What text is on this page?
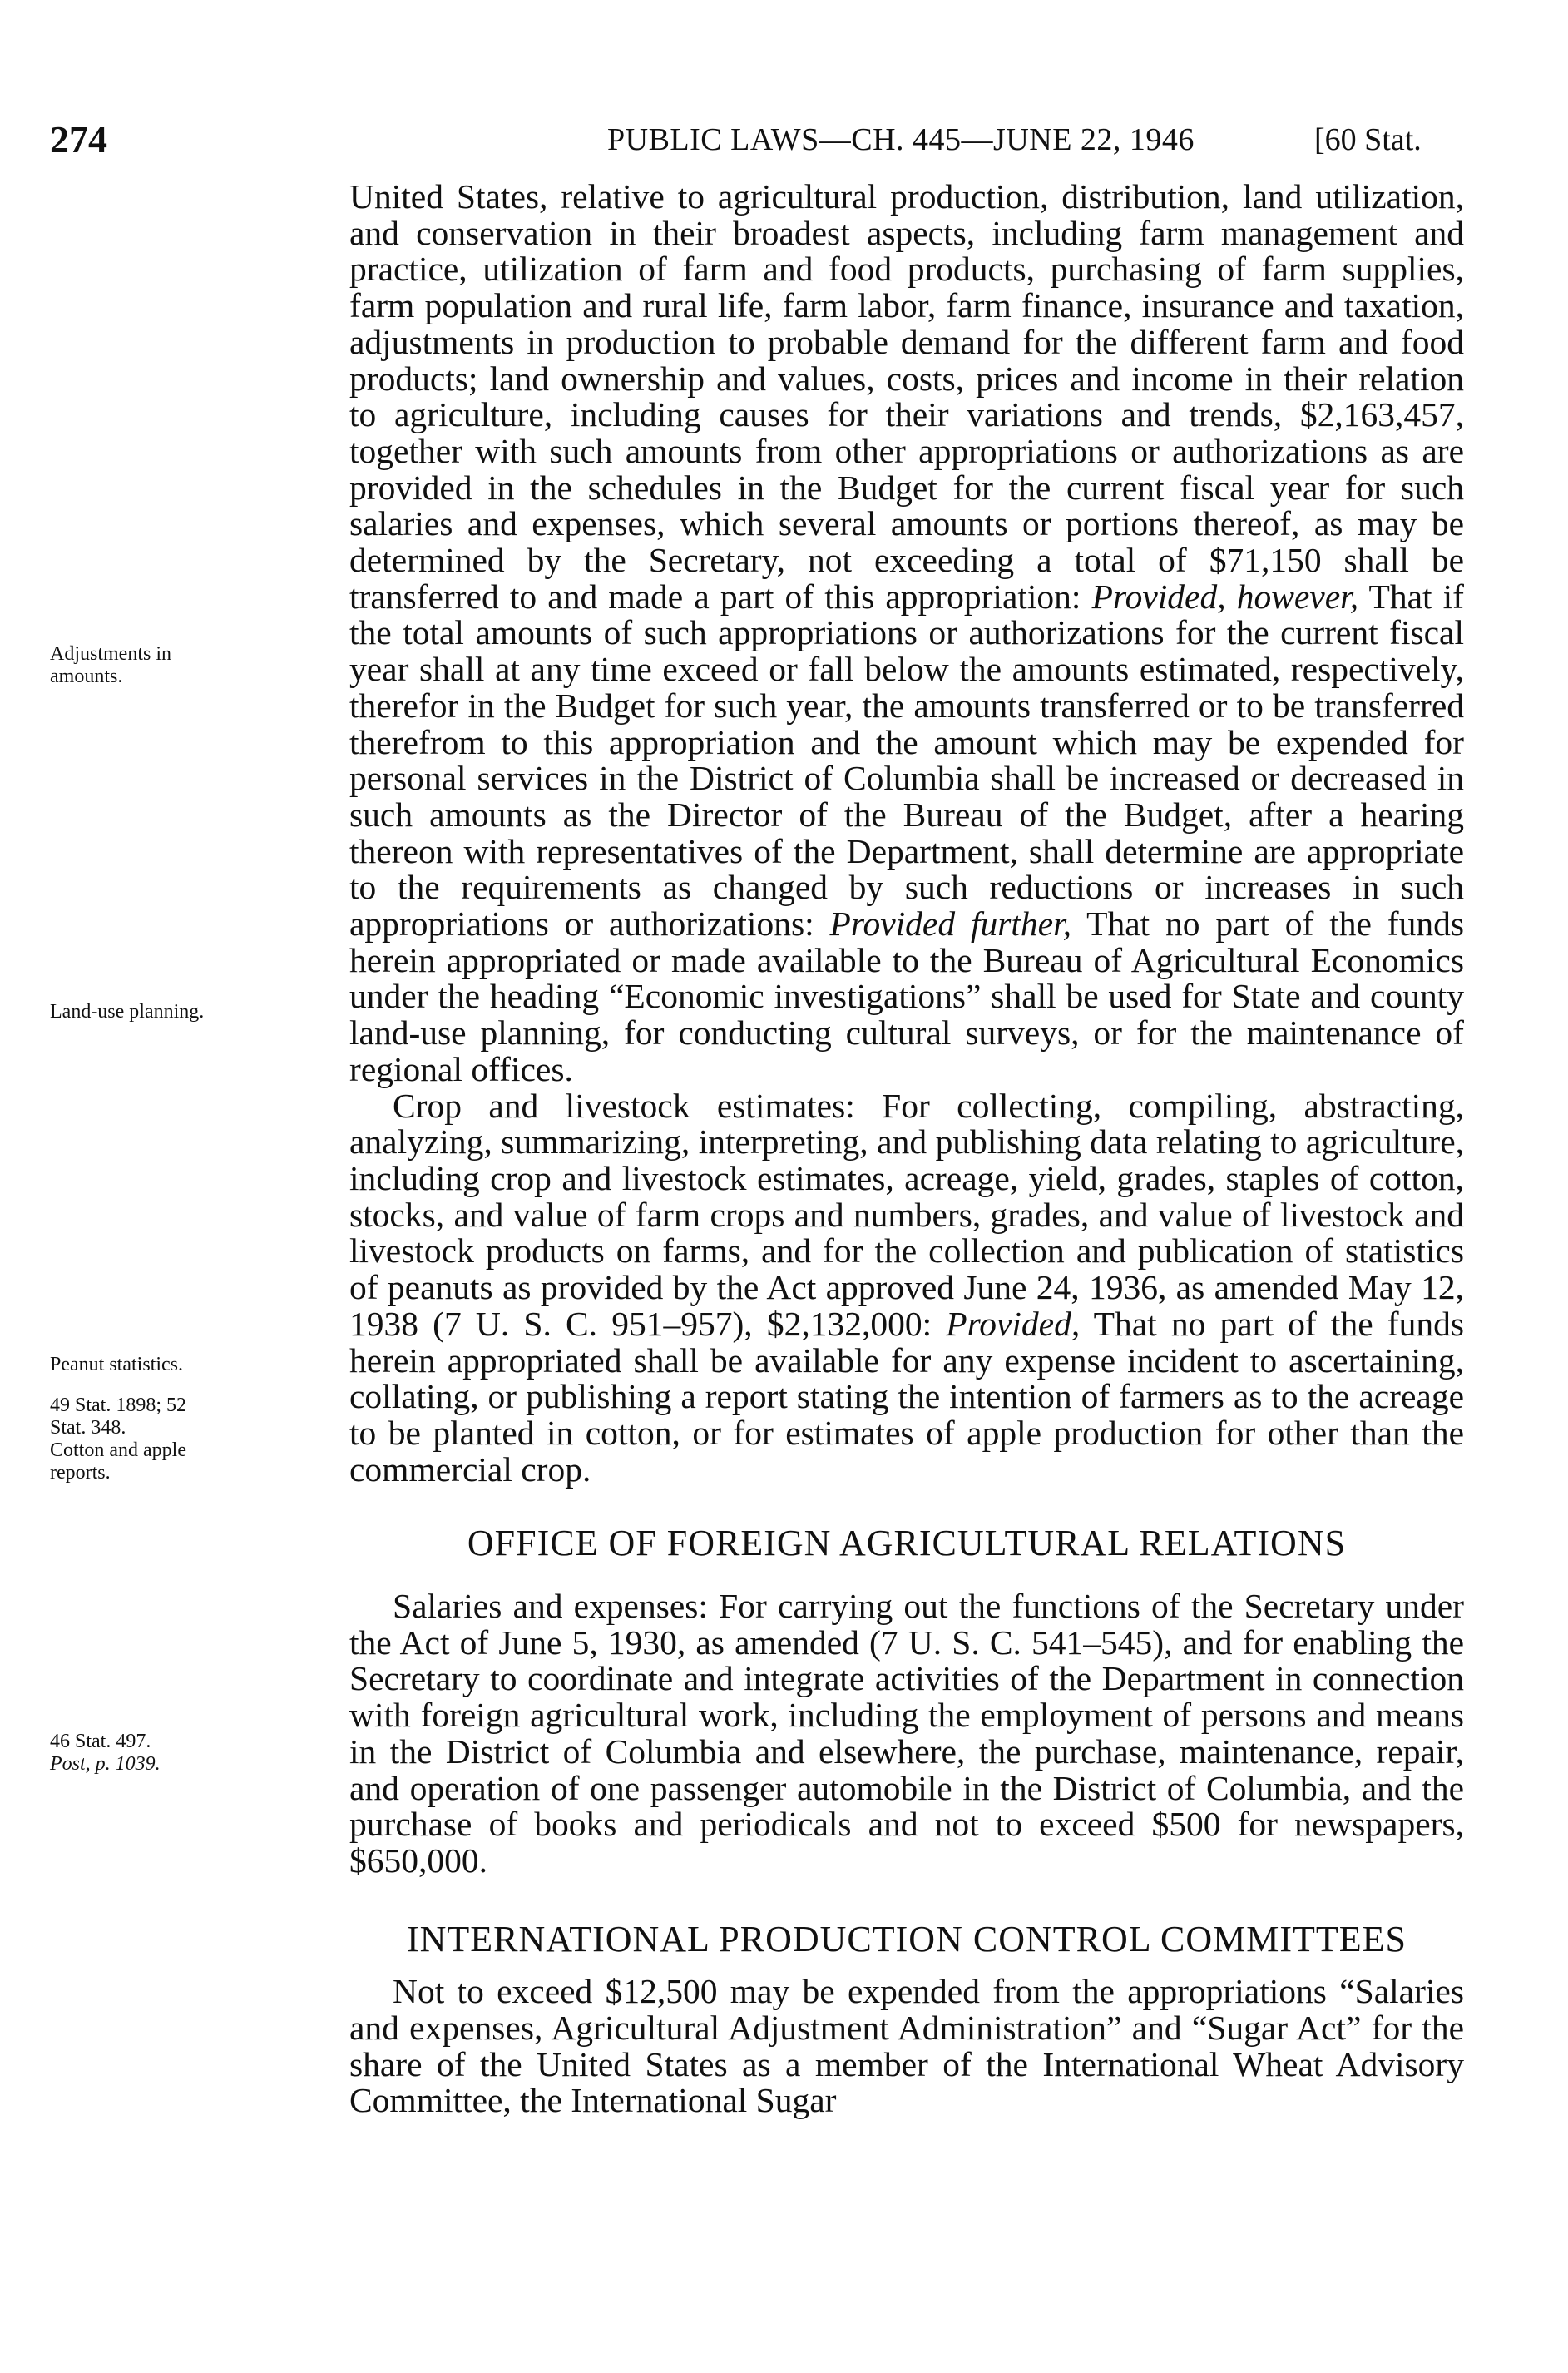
274	PUBLIC LAWS—CH. 445—JUNE 22, 1946	[60 Stat.
Adjustments in
amounts.
Land-use planning.
Peanut statistics.
49 Stat. 1898; 52
Stat. 348.
Cotton and apple
reports.
46 Stat. 497.
Post, p. 1039.

United States, relative to agricultural production, distribution, land utilization, and conservation in their broadest aspects, including farm management and practice, utilization of farm and food products, purchasing of farm supplies, farm population and rural life, farm labor, farm finance, insurance and taxation, adjustments in production to probable demand for the different farm and food products; land ownership and values, costs, prices and income in their relation to agriculture, including causes for their variations and trends, $2,163,457, together with such amounts from other appropriations or authorizations as are provided in the schedules in the Budget for the current fiscal year for such salaries and expenses, which several amounts or portions thereof, as may be determined by the Secretary, not exceeding a total of $71,150 shall be transferred to and made a part of this appropriation: Provided, however, That if the total amounts of such appropriations or authorizations for the current fiscal year shall at any time exceed or fall below the amounts estimated, respectively, therefor in the Budget for such year, the amounts transferred or to be transferred therefrom to this appropriation and the amount which may be expended for personal services in the District of Columbia shall be increased or decreased in such amounts as the Director of the Bureau of the Budget, after a hearing thereon with representatives of the Department, shall determine are appropriate to the requirements as changed by such reductions or increases in such appropriations or authorizations: Provided further, That no part of the funds herein appropriated or made available to the Bureau of Agricultural Economics under the heading “Economic investigations” shall be used for State and county land-use planning, for conducting cultural surveys, or for the maintenance of regional offices.

Crop and livestock estimates: For collecting, compiling, abstracting, analyzing, summarizing, interpreting, and publishing data relating to agriculture, including crop and livestock estimates, acreage, yield, grades, staples of cotton, stocks, and value of farm crops and numbers, grades, and value of livestock and livestock products on farms, and for the collection and publication of statistics of peanuts as provided by the Act approved June 24, 1936, as amended May 12, 1938 (7 U. S. C. 951–957), $2,132,000: Provided, That no part of the funds herein appropriated shall be available for any expense incident to ascertaining, collating, or publishing a report stating the intention of farmers as to the acreage to be planted in cotton, or for estimates of apple production for other than the commercial crop.

OFFICE OF FOREIGN AGRICULTURAL RELATIONS

Salaries and expenses: For carrying out the functions of the Secretary under the Act of June 5, 1930, as amended (7 U. S. C. 541–545), and for enabling the Secretary to coordinate and integrate activities of the Department in connection with foreign agricultural work, including the employment of persons and means in the District of Columbia and elsewhere, the purchase, maintenance, repair, and operation of one passenger automobile in the District of Columbia, and the purchase of books and periodicals and not to exceed $500 for newspapers, $650,000.

INTERNATIONAL PRODUCTION CONTROL COMMITTEES

Not to exceed $12,500 may be expended from the appropriations “Salaries and expenses, Agricultural Adjustment Administration” and “Sugar Act” for the share of the United States as a member of the International Wheat Advisory Committee, the International Sugar
